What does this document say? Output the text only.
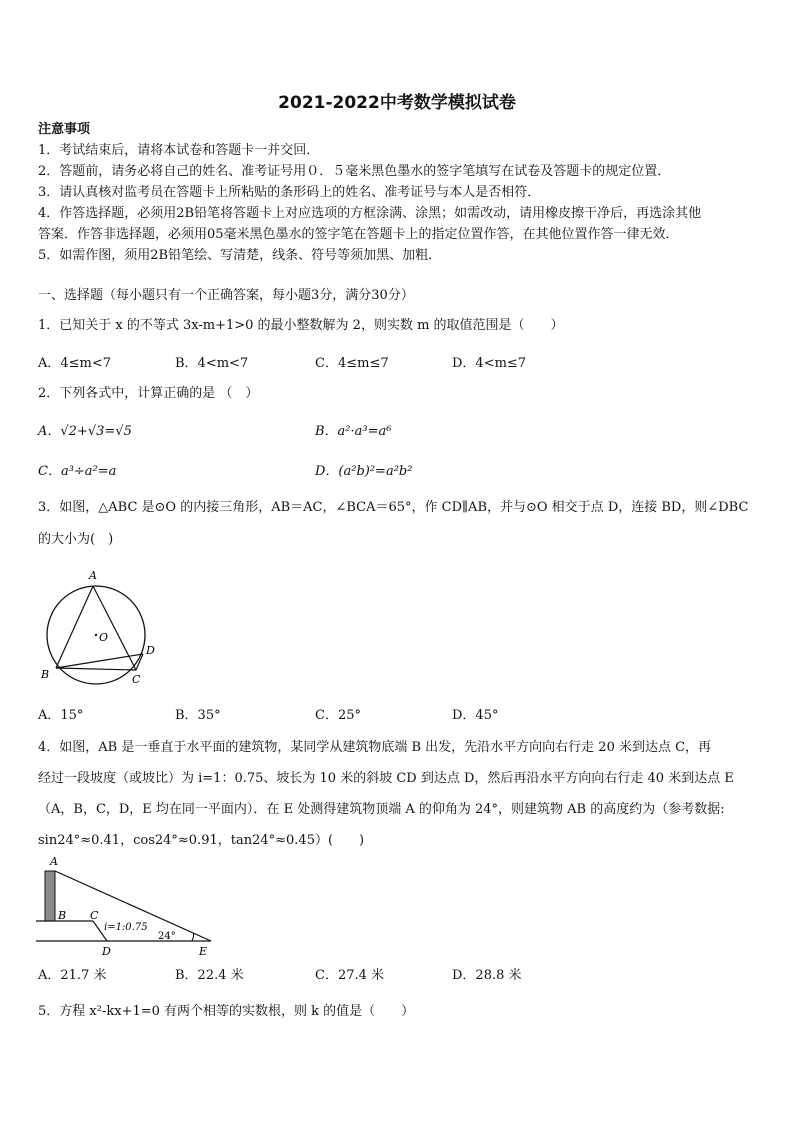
2021-2022中考数学模拟试卷
注意事项
1．考试结束后，请将本试卷和答题卡一并交回．
2．答题前，请务必将自己的姓名、准考证号用０．５毫米黑色墨水的签字笔填写在试卷及答题卡的规定位置．
3．请认真核对监考员在答题卡上所粘贴的条形码上的姓名、准考证号与本人是否相符．
4．作答选择题，必须用2B铅笔将答题卡上对应选项的方框涂满、涂黑；如需改动，请用橡皮擦干净后，再选涂其他
答案．作答非选择题，必须用05毫米黑色墨水的签字笔在答题卡上的指定位置作答，在其他位置作答一律无效．
5．如需作图，须用2B铅笔绘、写清楚，线条、符号等须加黑、加粗．
一、选择题（每小题只有一个正确答案，每小题3分，满分30分）
1．已知关于 x 的不等式 3x-m+1>0 的最小整数解为 2，则实数 m 的取值范围是（　　）
A．4≤m<7	B．4<m<7	C．4≤m≤7	D．4<m≤7
2．下列各式中，计算正确的是 （　）
A．√2+√3=√5	B．a²·a³=a⁶
C．a³÷a²=a	D．(a²b)²=a²b²
3．如图，△ABC 是⊙O 的内接三角形，AB＝AC，∠BCA＝65°，作 CD∥AB，并与⊙O 相交于点 D，连接 BD，则∠DBC
的大小为(　)
A
O
B	C
D
A．15°	B．35°	C．25°	D．45°
4．如图，AB 是一垂直于水平面的建筑物，某同学从建筑物底端 B 出发，先沿水平方向向右行走 20 米到达点 C，再
经过一段坡度（或坡比）为 i=1：0.75、坡长为 10 米的斜坡 CD 到达点 D，然后再沿水平方向向右行走 40 米到达点 E
（A，B，C，D，E 均在同一平面内）．在 E 处测得建筑物顶端 A 的仰角为 24°，则建筑物 AB 的高度约为（参考数据:
sin24°≈0.41，cos24°≈0.91，tan24°≈0.45）(　　)
A
B C
D	E
i=1:0.75
24°
A．21.7 米	B．22.4 米	C．27.4 米	D．28.8 米
5．方程 x²-kx+1=0 有两个相等的实数根，则 k 的值是（　　）
